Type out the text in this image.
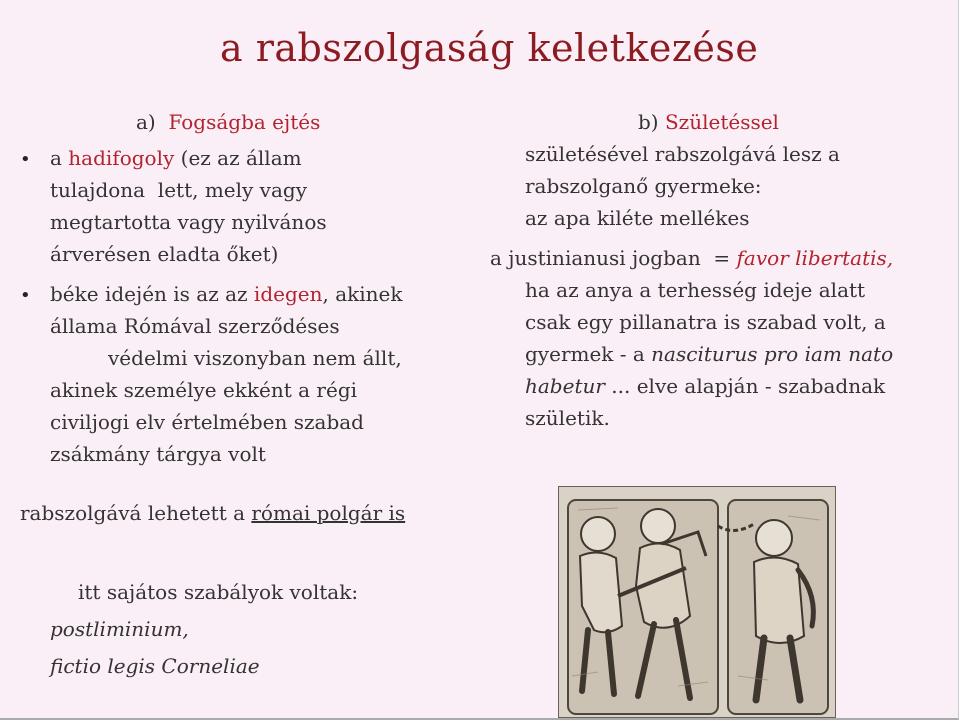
a rabszolgaság keletkezése
a)  Fogságba ejtés
• a hadifogoly (ez az állam
tulajdona  lett, mely vagy
megtartotta vagy nyilvános
árverésen eladta őket)
• béke idején is az az idegen, akinek
állama Rómával szerződéses
védelmi viszonyban nem állt,
akinek személye ekként a régi
civiljogi elv értelmében szabad
zsákmány tárgya volt
rabszolgává lehetett a római polgár is
itt sajátos szabályok voltak:
postliminium,
fictio legis Corneliae
b) Születéssel
születésével rabszolgává lesz a
rabszolganő gyermeke:
az apa kiléte mellékes
a justinianusi jogban  = favor libertatis,
ha az anya a terhesség ideje alatt
csak egy pillanatra is szabad volt, a
gyermek - a nasciturus pro iam nato
habetur ... elve alapján - szabadnak
születik.
